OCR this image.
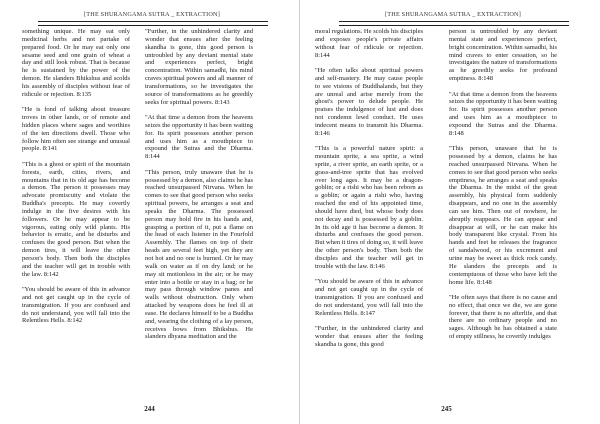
[THE SHURANGAMA SUTRA _ EXTRACTION]

something unique. He may eat only medicinal herbs and not partake of prepared food. Or he may eat only one sesame seed and one grain of wheat a day and still look robust. That is because he is sustained by the power of the demon. He slanders Bhikshus and scolds his assembly of disciples without fear of ridicule or rejection. 8:135

"He is fond of talking about treasure troves in other lands, or of remote and hidden places where sages and worthies of the ten directions dwell. Those who follow him often see strange and unusual people. 8:141

"This is a ghost or spirit of the mountain forests, earth, cities, rivers, and mountains that in its old age has become a demon. The person it possesses may advocate promiscuity and violate the Buddha's precepts. He may covertly indulge in the five desires with his followers. Or he may appear to be vigorous, eating only wild plants. His behavior is erratic, and he disturbs and confuses the good person. But when the demon tires, it will leave the other person's body. Then both the disciples and the teacher will get in trouble with the law. 8:142

"You should be aware of this in advance and not get caught up in the cycle of transmigration. If you are confused and do not understand, you will fall into the Relentless Hells. 8:142

"Further, in the unhindered clarity and wonder that ensues after the feeling skandha is gone, this good person is untroubled by any deviant mental state and experiences perfect, bright concentration. Within samadhi, his mind craves spiritual powers and all manner of transformations, so he investigates the source of transformations as he greedily seeks for spiritual powers. 8:143

"At that time a demon from the heavens seizes the opportunity it has been waiting for. Its spirit possesses another person and uses him as a mouthpiece to expound the Sutras and the Dharma. 8:144

"This person, truly unaware that he is possessed by a demon, also claims he has reached unsurpassed Nirvana. When he comes to see that good person who seeks spiritual powers, he arranges a seat and speaks the Dharma. The possessed person may hold fire in his hands and, grasping a portion of it, put a flame on the head of each listener in the Fourfold Assembly. The flames on top of their heads are several feet high, yet they are not hot and no one is burned. Or he may walk on water as if on dry land; or he may sit motionless in the air; or he may enter into a bottle or stay in a bag; or he may pass through window panes and walls without obstruction. Only when attacked by weapons does he feel ill at ease. He declares himself to be a Buddha and, wearing the clothing of a lay person, receives bows from Bhikshus. He slanders dhyana meditation and the

244
[THE SHURANGAMA SUTRA _ EXTRACTION]

moral regulations. He scolds his disciples and exposes people's private affairs without fear of ridicule or rejection. 8:144

"He often talks about spiritual powers and self-mastery. He may cause people to see visions of Buddhalands, but they are unreal and arise merely from the ghost's power to delude people. He praises the indulgence of lust and does not condemn lewd conduct. He uses indecent means to transmit his Dharma. 8:146

"This is a powerful nature spirit: a mountain sprite, a sea sprite, a wind sprite, a river sprite, an earth sprite, or a grass-and-tree sprite that has evolved over long ages. It may be a dragon-goblin; or a rishi who has been reborn as a goblin; or again a rishi who, having reached the end of his appointed time, should have died, but whose body does not decay and is possessed by a goblin. In its old age it has become a demon. It disturbs and confuses the good person. But when it tires of doing so, it will leave the other person's body. Then both the disciples and the teacher will get in trouble with the law. 8:146

"You should be aware of this in advance and not get caught up in the cycle of transmigration. If you are confused and do not understand, you will fall into the Relentless Hells. 8:147

"Further, in the unhindered clarity and wonder that ensues after the feeling skandha is gone, this good

person is untroubled by any deviant mental state and experiences perfect, bright concentration. Within samadhi, his mind craves to enter cessation, so he investigates the nature of transformations as he greedily seeks for profound emptiness. 8:148

"At that time a demon from the heavens seizes the opportunity it has been waiting for. Its spirit possesses another person and uses him as a mouthpiece to expound the Sutras and the Dharma. 8:148

"This person, unaware that he is possessed by a demon, claims he has reached unsurpassed Nirvana. When he comes to see that good person who seeks emptiness, he arranges a seat and speaks the Dharma. In the midst of the great assembly, his physical form suddenly disappears, and no one in the assembly can see him. Then out of nowhere, he abruptly reappears. He can appear and disappear at will, or he can make his body transparent like crystal. From his hands and feet he releases the fragrance of sandalwood, or his excrement and urine may be sweet as thick rock candy. He slanders the precepts and is contemptuous of those who have left the home life. 8:148

"He often says that there is no cause and no effect, that once we die, we are gone forever, that there is no afterlife, and that there are no ordinary people and no sages. Although he has obtained a state of empty stillness, he covertly indulges

245
